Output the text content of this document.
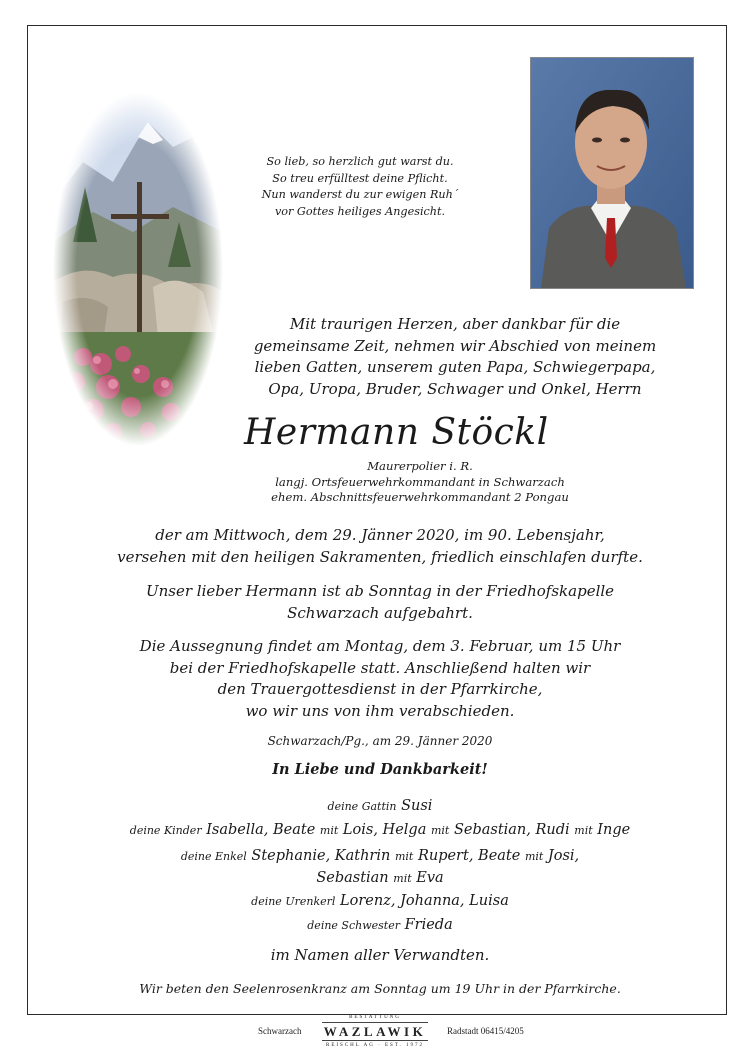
So lieb, so herzlich gut warst du.
So treu erfülltest deine Pflicht.
Nun wanderst du zur ewigen Ruh´
vor Gottes heiliges Angesicht.
Mit traurigen Herzen, aber dankbar für die
gemeinsame Zeit, nehmen wir Abschied von meinem
lieben Gatten, unserem guten Papa, Schwiegerpapa,
Opa, Uropa, Bruder, Schwager und Onkel, Herrn
Hermann Stöckl
Maurerpolier i. R.
langj. Ortsfeuerwehrkommandant in Schwarzach
ehem. Abschnittsfeuerwehrkommandant 2 Pongau
der am Mittwoch, dem 29. Jänner 2020, im 90. Lebensjahr,
versehen mit den heiligen Sakramenten, friedlich einschlafen durfte.
Unser lieber Hermann ist ab Sonntag in der Friedhofskapelle
Schwarzach aufgebahrt.
Die Aussegnung findet am Montag, dem 3. Februar, um 15 Uhr
bei der Friedhofskapelle statt. Anschließend halten wir
den Trauergottesdienst in der Pfarrkirche,
wo wir uns von ihm verabschieden.
Schwarzach/Pg., am 29. Jänner 2020
In Liebe und Dankbarkeit!
deine Gattin Susi
deine Kinder Isabella, Beate mit Lois, Helga mit Sebastian, Rudi mit Inge
deine Enkel Stephanie, Kathrin mit Rupert, Beate mit Josi,
Sebastian mit Eva
deine Urenkerl Lorenz, Johanna, Luisa
deine Schwester Frieda
im Namen aller Verwandten.
Wir beten den Seelenrosenkranz am Sonntag um 19 Uhr in der Pfarrkirche.
Schwarzach
BESTATTUNG
WAZLAWIK
REISCHL AG · EST. 1972
Radstadt 06415/4205
